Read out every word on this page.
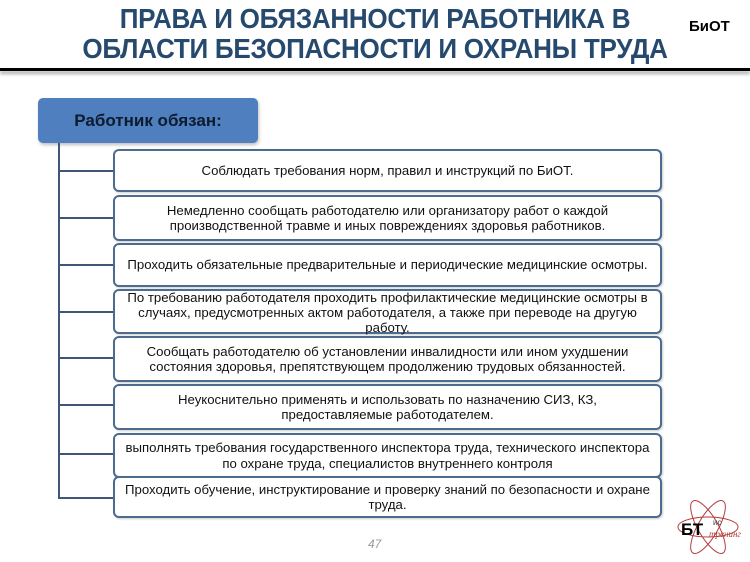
ПРАВА И ОБЯЗАННОСТИ РАБОТНИКА В
ОБЛАСТИ БЕЗОПАСНОСТИ И ОХРАНЫ ТРУДА
БиОТ
Работник обязан:
Соблюдать требования норм, правил и инструкций по БиОТ.
Немедленно сообщать работодателю или организатору работ о каждой производственной травме и иных повреждениях здоровья работников.
Проходить обязательные предварительные и периодические медицинские осмотры.
По требованию работодателя проходить профилактические медицинские осмотры в случаях, предусмотренных актом работодателя, а также при переводе на другую работу.
Сообщать работодателю об установлении инвалидности или ином ухудшении состояния здоровья, препятствующем продолжению трудовых обязанностей.
Неукоснительно применять и использовать по назначению СИЗ, КЗ, предоставляемые работодателем.
выполнять требования государственного инспектора труда, технического инспектора по охране труда, специалистов внутреннего контроля
Проходить обучение, инструктирование и проверку знаний по безопасности и охране труда.
47
БТ ис
тренинг
